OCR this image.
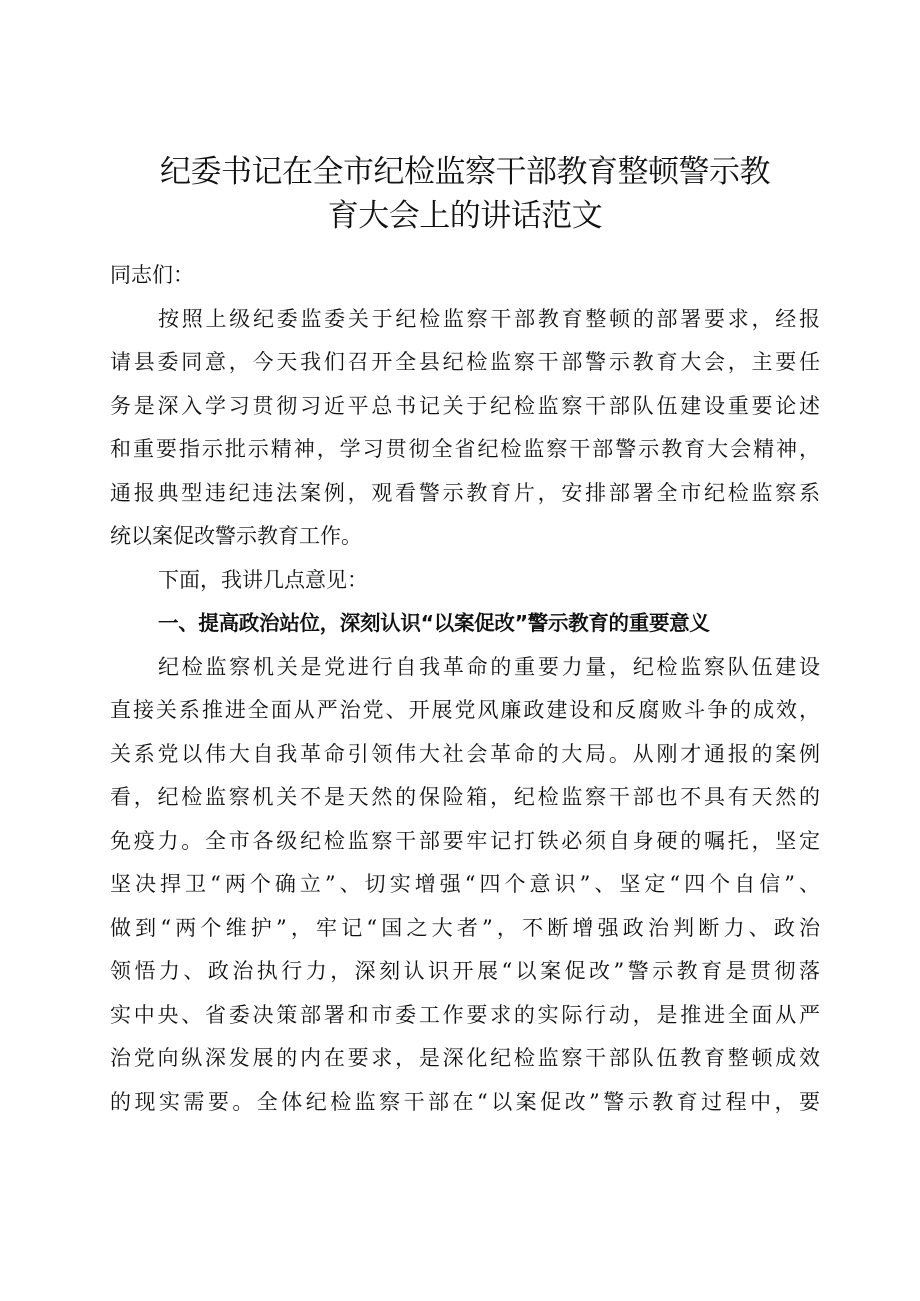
纪委书记在全市纪检监察干部教育整顿警示教
育大会上的讲话范文

同志们：

按照上级纪委监委关于纪检监察干部教育整顿的部署要求，经报
请县委同意，今天我们召开全县纪检监察干部警示教育大会，主要任
务是深入学习贯彻习近平总书记关于纪检监察干部队伍建设重要论述
和重要指示批示精神，学习贯彻全省纪检监察干部警示教育大会精神，
通报典型违纪违法案例，观看警示教育片，安排部署全市纪检监察系
统以案促改警示教育工作。

下面，我讲几点意见：

一、提高政治站位，深刻认识“以案促改”警示教育的重要意义

纪检监察机关是党进行自我革命的重要力量，纪检监察队伍建设
直接关系推进全面从严治党、开展党风廉政建设和反腐败斗争的成效，
关系党以伟大自我革命引领伟大社会革命的大局。从刚才通报的案例
看，纪检监察机关不是天然的保险箱，纪检监察干部也不具有天然的
免疫力。全市各级纪检监察干部要牢记打铁必须自身硬的嘱托，坚定
坚决捍卫“两个确立”、切实增强“四个意识”、坚定“四个自信”、
做到“两个维护”，牢记“国之大者”，不断增强政治判断力、政治
领悟力、政治执行力，深刻认识开展“以案促改”警示教育是贯彻落
实中央、省委决策部署和市委工作要求的实际行动，是推进全面从严
治党向纵深发展的内在要求，是深化纪检监察干部队伍教育整顿成效
的现实需要。全体纪检监察干部在“以案促改”警示教育过程中，要
